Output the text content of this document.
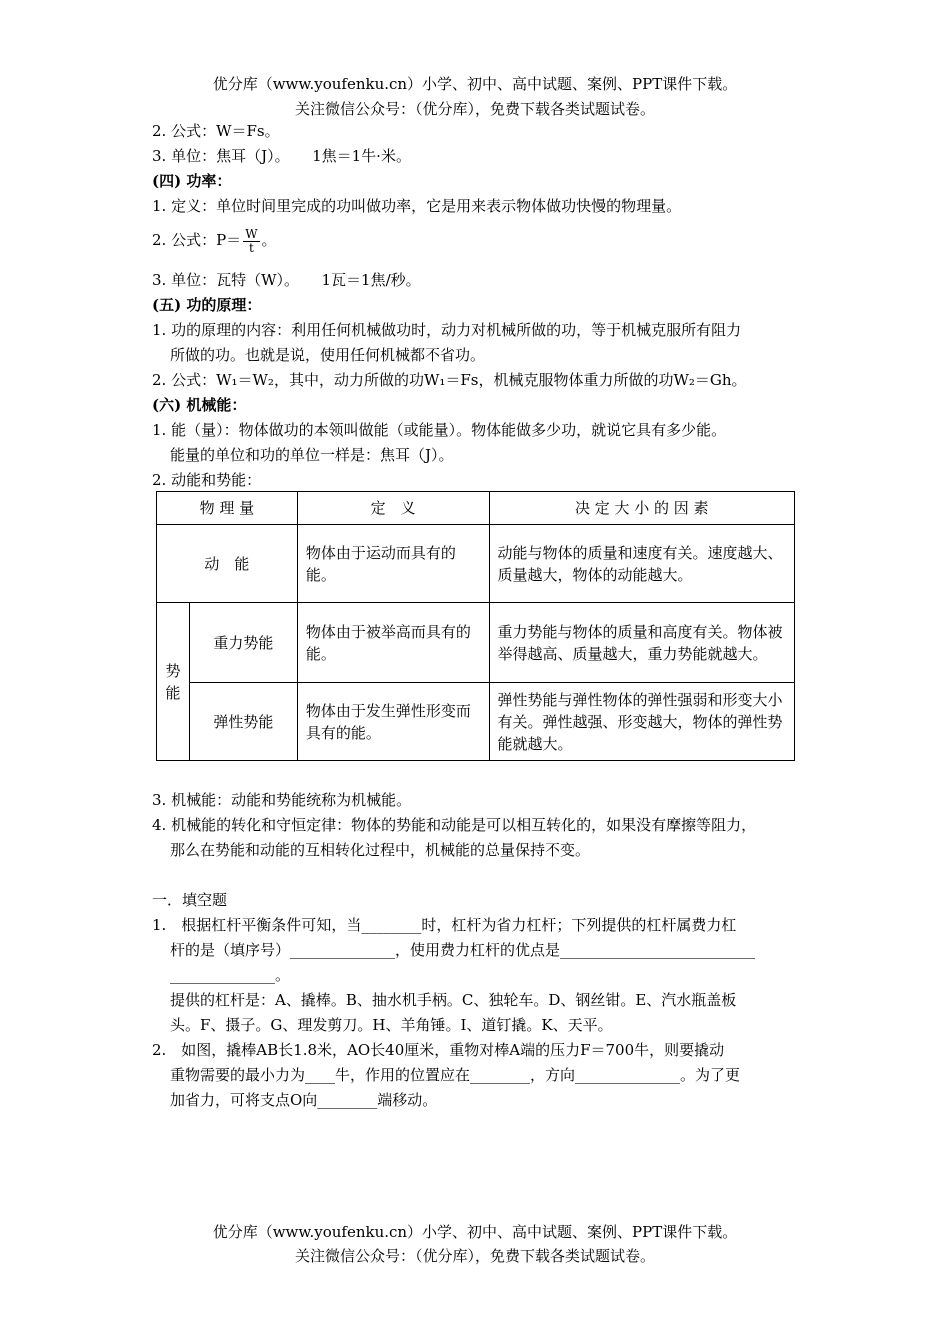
优分库（www.youfenku.cn）小学、初中、高中试题、案例、PPT课件下载。
关注微信公众号：（优分库），免费下载各类试题试卷。
2. 公式：W＝Fs。
3. 单位：焦耳（J）。　　1焦＝1牛·米。
(四) 功率：
1. 定义：单位时间里完成的功叫做功率，它是用来表示物体做功快慢的物理量。
2. 公式：$P= \frac{W}{t}$ 。
3. 单位：瓦特（W）。　　1瓦＝1焦/秒。
(五) 功的原理：
1. 功的原理的内容：利用任何机械做功时，动力对机械所做的功，等于机械克服所有阻力
所做的功。也就是说，使用任何机械都不省功。
2. 公式：W₁＝W₂，其中，动力所做的功W₁＝Fs，机械克服物体重力所做的功W₂＝Gh。
(六) 机械能：
1. 能（量）：物体做功的本领叫做能（或能量）。物体能做多少功，就说它具有多少能。
能量的单位和功的单位一样是：焦耳（J）。
2. 动能和势能：
物 理 量		定　义	决 定 大 小 的 因 素
动　能		物体由于运动而具有的能。	动能与物体的质量和速度有关。速度越大、质量越大，物体的动能越大。
势能	重力势能	物体由于被举高而具有的能。	重力势能与物体的质量和高度有关。物体被举得越高、质量越大，重力势能就越大。
	弹性势能	物体由于发生弹性形变而具有的能。	弹性势能与弹性物体的弹性强弱和形变大小有关。弹性越强、形变越大，物体的弹性势能就越大。
3. 机械能：动能和势能统称为机械能。
4. 机械能的转化和守恒定律：物体的势能和动能是可以相互转化的，如果没有摩擦等阻力，
那么在势能和动能的互相转化过程中，机械能的总量保持不变。
一．填空题
1.　根据杠杆平衡条件可知，当________时，杠杆为省力杠杆；下列提供的杠杆属费力杠
杆的是（填序号）______________，使用费力杠杆的优点是__________________________
______________。
提供的杠杆是：A、撬棒。B、抽水机手柄。C、独轮车。D、钢丝钳。E、汽水瓶盖板
头。F、摄子。G、理发剪刀。H、羊角锤。I、道钉撬。K、天平。
2.　如图，撬棒AB长1.8米，AO长40厘米，重物对棒A端的压力F＝700牛，则要撬动
重物需要的最小力为____牛，作用的位置应在________，方向______________。为了更
加省力，可将支点O向________端移动。
优分库（www.youfenku.cn）小学、初中、高中试题、案例、PPT课件下载。
关注微信公众号：（优分库），免费下载各类试题试卷。
